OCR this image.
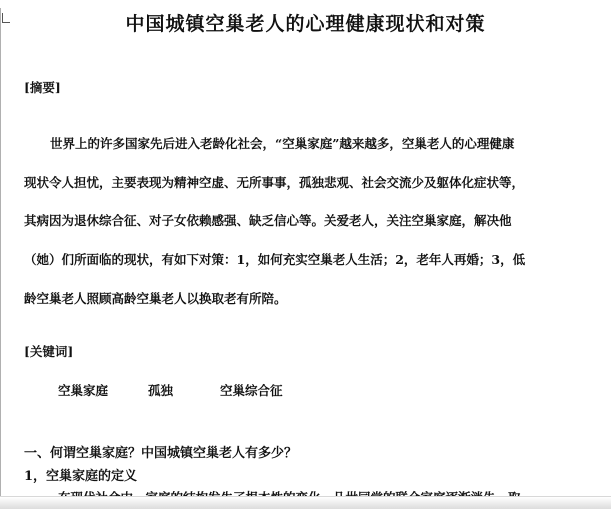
中国城镇空巢老人的心理健康现状和对策
[摘要]

世界上的许多国家先后进入老龄化社会，“空巢家庭”越来越多，空巢老人的心理健康
现状令人担忧，主要表现为精神空虚、无所事事，孤独悲观、社会交流少及躯体化症状等，
其病因为退休综合征、对子女依赖感强、缺乏信心等。关爱老人，关注空巢家庭，解决他
（她）们所面临的现状，有如下对策：1，如何充实空巢老人生活；2，老年人再婚；3，低
龄空巢老人照顾高龄空巢老人以换取老有所陪。

[关键词]
空巢家庭	孤独	空巢综合征
一、何谓空巢家庭？中国城镇空巢老人有多少？
1，空巢家庭的定义
